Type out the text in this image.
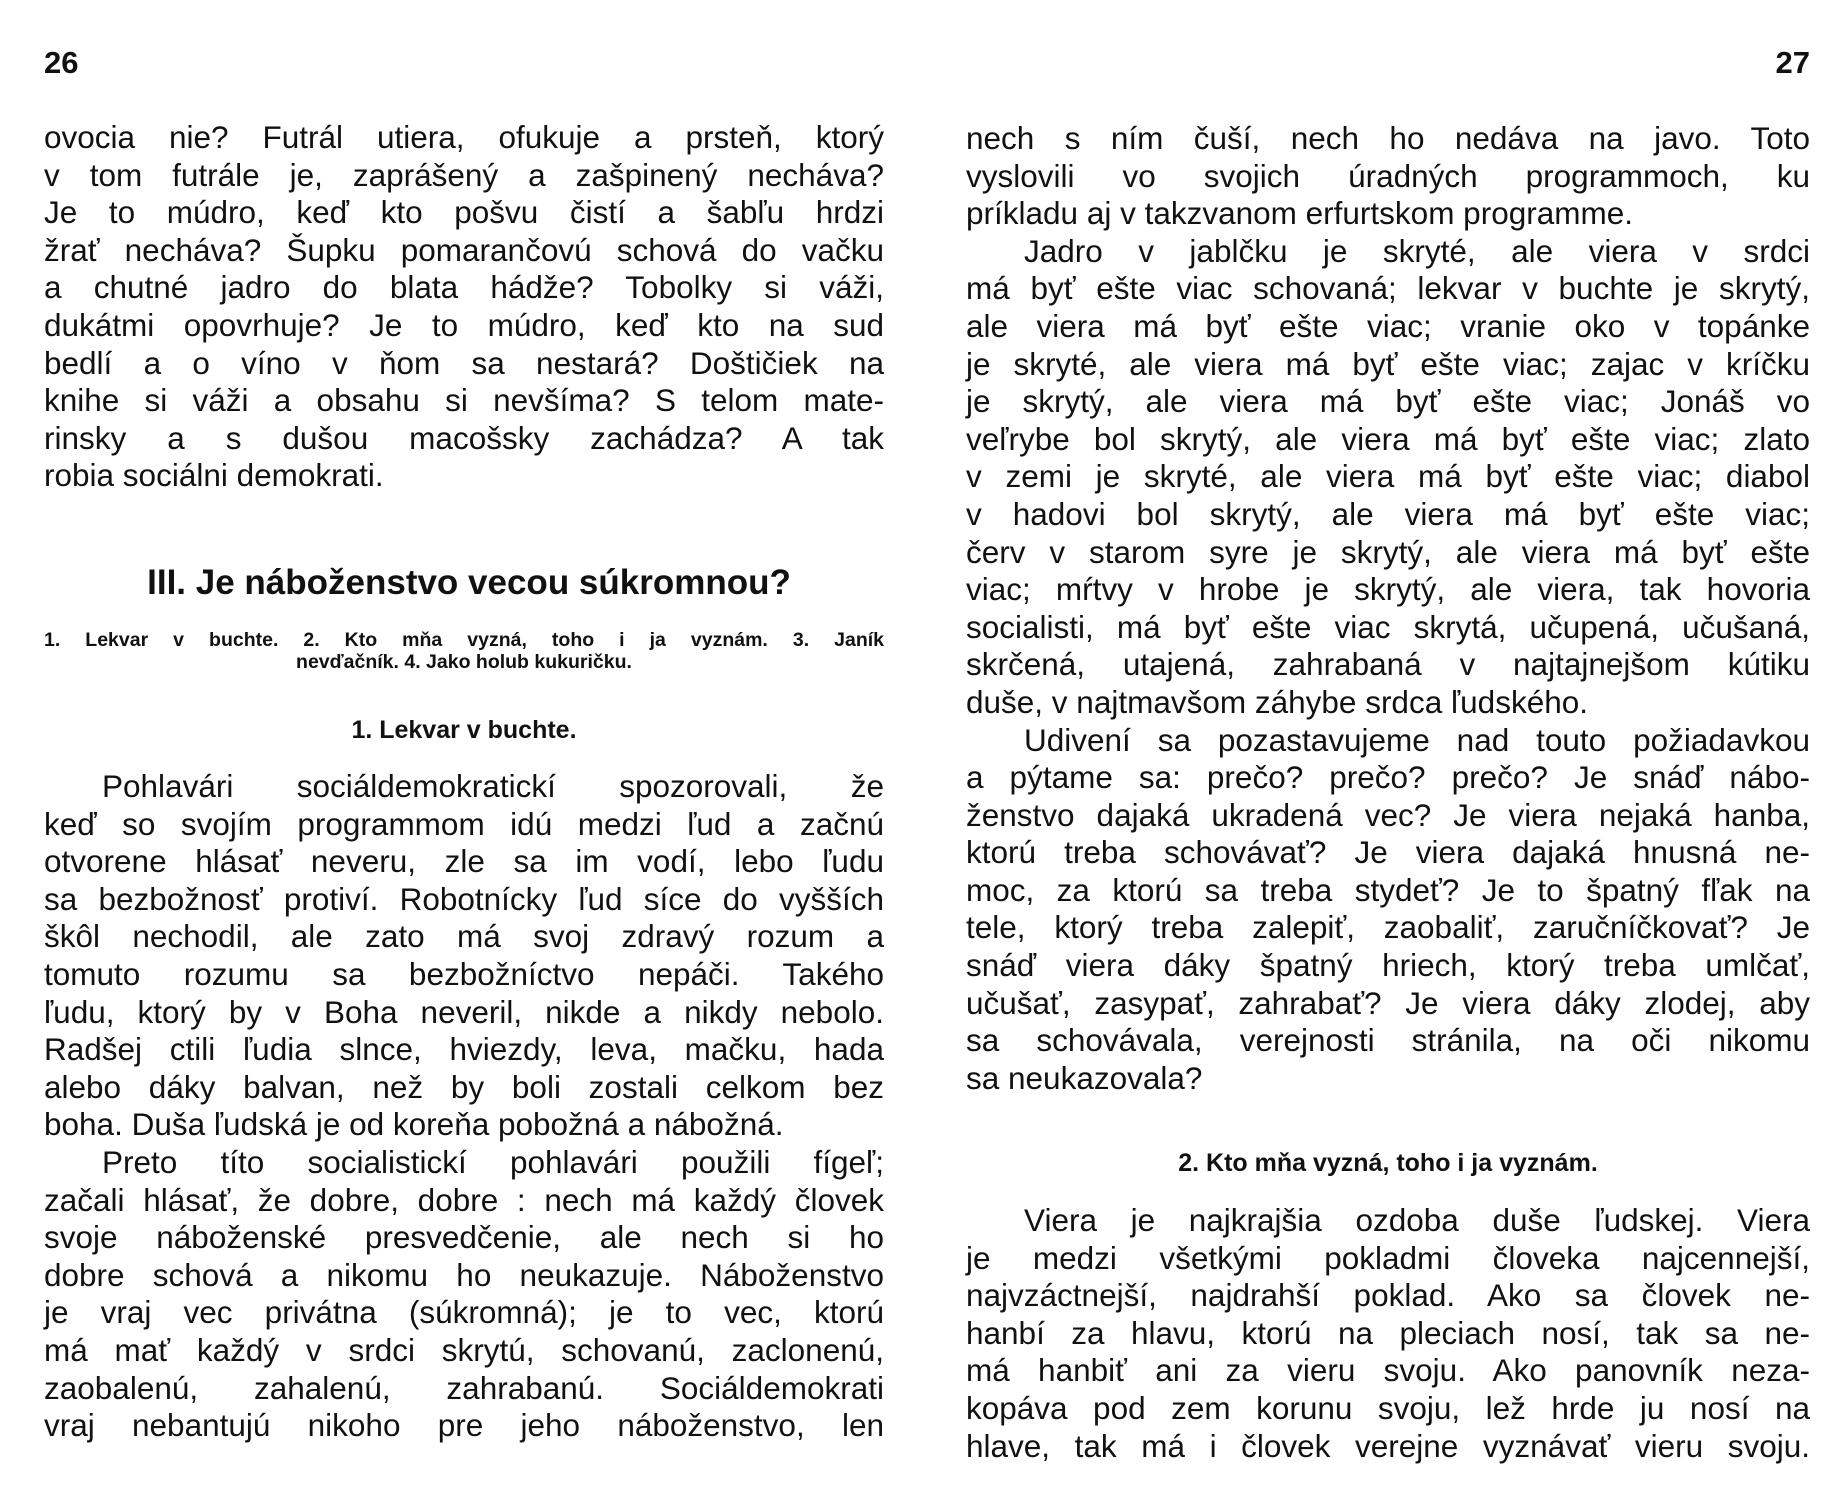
26
ovocia nie? Futrál utiera, ofukuje a prsteň, ktorý
v tom futrále je, zaprášený a zašpinený necháva?
Je to múdro, keď kto pošvu čistí a šabľu hrdzi
žrať necháva? Šupku pomarančovú schová do vačku
a chutné jadro do blata hádže? Tobolky si váži,
dukátmi opovrhuje? Je to múdro, keď kto na sud
bedlí a o víno v ňom sa nestará? Doštičiek na
knihe si váži a obsahu si nevšíma? S telom mate-
rinsky a s dušou macošsky zachádza? A tak
robia sociálni demokrati.
III. Je náboženstvo vecou súkromnou?
1. Lekvar v buchte. 2. Kto mňa vyzná, toho i ja vyznám. 3. Janík
nevďačník. 4. Jako holub kukuričku.
1. Lekvar v buchte.
Pohlavári sociáldemokratickí spozorovali, že
keď so svojím programmom idú medzi ľud a začnú
otvorene hlásať neveru, zle sa im vodí, lebo ľudu
sa bezbožnosť protiví. Robotnícky ľud síce do vyšších
škôl nechodil, ale zato má svoj zdravý rozum a
tomuto rozumu sa bezbožníctvo nepáči. Takého
ľudu, ktorý by v Boha neveril, nikde a nikdy nebolo.
Radšej ctili ľudia slnce, hviezdy, leva, mačku, hada
alebo dáky balvan, než by boli zostali celkom bez
boha. Duša ľudská je od koreňa pobožná a nábožná.
Preto títo socialistickí pohlavári použili fígeľ;
začali hlásať, že dobre, dobre : nech má každý človek
svoje náboženské presvedčenie, ale nech si ho
dobre schová a nikomu ho neukazuje. Náboženstvo
je vraj vec privátna (súkromná); je to vec, ktorú
má mať každý v srdci skrytú, schovanú, zaclonenú,
zaobalenú, zahalenú, zahrabanú. Sociáldemokrati
vraj nebantujú nikoho pre jeho náboženstvo, len
27
nech s ním čuší, nech ho nedáva na javo. Toto
vyslovili vo svojich úradných programmoch, ku
príkladu aj v takzvanom erfurtskom programme.
Jadro v jablčku je skryté, ale viera v srdci
má byť ešte viac schovaná; lekvar v buchte je skrytý,
ale viera má byť ešte viac; vranie oko v topánke
je skryté, ale viera má byť ešte viac; zajac v kríčku
je skrytý, ale viera má byť ešte viac; Jonáš vo
veľrybe bol skrytý, ale viera má byť ešte viac; zlato
v zemi je skryté, ale viera má byť ešte viac; diabol
v hadovi bol skrytý, ale viera má byť ešte viac;
červ v starom syre je skrytý, ale viera má byť ešte
viac; mŕtvy v hrobe je skrytý, ale viera, tak hovoria
socialisti, má byť ešte viac skrytá, učupená, učušaná,
skrčená, utajená, zahrabaná v najtajnejšom kútiku
duše, v najtmavšom záhybe srdca ľudského.
Udivení sa pozastavujeme nad touto požiadavkou
a pýtame sa: prečo? prečo? prečo? Je snáď nábo-
ženstvo dajaká ukradená vec? Je viera nejaká hanba,
ktorú treba schovávať? Je viera dajaká hnusná ne-
moc, za ktorú sa treba stydeť? Je to špatný fľak na
tele, ktorý treba zalepiť, zaobaliť, zaručníčkovať? Je
snáď viera dáky špatný hriech, ktorý treba umlčať,
učušať, zasypať, zahrabať? Je viera dáky zlodej, aby
sa schovávala, verejnosti stránila, na oči nikomu
sa neukazovala?
2. Kto mňa vyzná, toho i ja vyznám.
Viera je najkrajšia ozdoba duše ľudskej. Viera
je medzi všetkými pokladmi človeka najcennejší,
najvzáctnejší, najdrahší poklad. Ako sa človek ne-
hanbí za hlavu, ktorú na pleciach nosí, tak sa ne-
má hanbiť ani za vieru svoju. Ako panovník neza-
kopáva pod zem korunu svoju, lež hrde ju nosí na
hlave, tak má i človek verejne vyznávať vieru svoju.
